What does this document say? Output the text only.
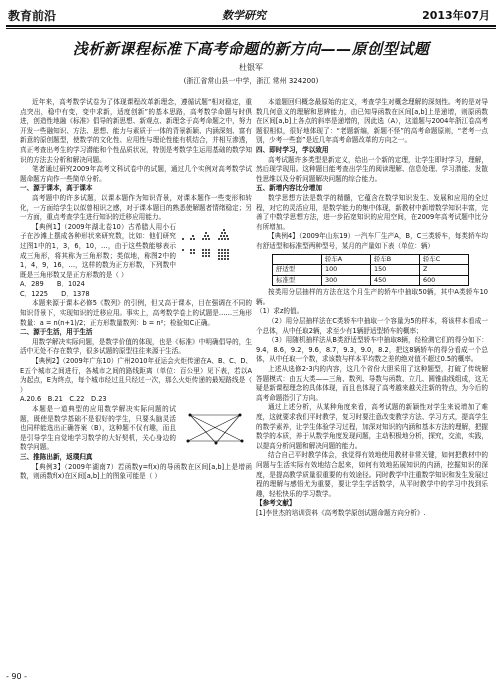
教育前沿	数学研究	2013年07月
浅析新课程标准下高考命题的新方向——原创型试题
杜银军
(浙江省常山县一中学，浙江 常州 324200)

近年来，高考数学试卷为了体现课程改革新理念，遵循试题“相对稳定，重点突出，稳中有变，变中求新，适度创新”的基本思路，高考数学命题与时俱进，创造性地融《标准》倡导的新思想、新观点、新理念于高考命题之中，努力开发一些融知识、方法、思想、能力与素质于一体的背景新颖、内涵深刻、富有新意的原创题型，使数学的文化性、应用性与理论性能有机结合，并相互渗透，真正考查出考生的学习潜能和个性品质状况，特别是考数学生运用基础的数学知识的方法去分析和解决问题。

笔者通过研究2009年高考文科试卷中的试题，通过几个实例对高考数学试题命题方向作一些简单分析。

一、源于课本，高于课本

高考题中的许多试题，以课本题作为知识背景，对课本题作一些变形和转化，一方面给学生以似曾相识之感，对于课本题目的熟悉使解题者情绪稳定；另一方面，重点考查学生进行知识的迁移应用能力。

【典例1】（2009年湖北卷10）古希腊人用小石子在沙滩上摆成各种形状来研究数，比如：他们研究过图1中的1，3，6，10，…，由于这些数能够表示成三角形，将其称为三角形数；类似地，称图2中的1，4，9，16，…，这样的数为正方形数，下列数中既是三角形数又是正方形数的是（ ）

A．289　　B．1024

C．1225　　D．1378

本题来源于课本必修5《数列》的引例，但又高于课本，目在强调在不同的知识背景下，实现知识的迁移应用。事实上，高考数学卷上的试题是……三角形数量：a = n(n+1)/2；正方形数量数列：b = n²；检验知C正确。

二、源于生活，用于生活

用数学解决实际问题，是数学价值的体现，也是《标准》中明确倡导的，生活中无处不存在数学，很多试题的原型往往来源于生活。

【典例2】（2009年广东10）广州2010年亚运会火炬传递在A、B、C、D、E五个城市之间进行，各城市之间的路线距离（单位：百公里）见下表，若以A为起点，E为终点，每个城市经过且只经过一次，那么火炬传递的最短路线是（ ）

A.20.6　B.21　C.22　D.23

本题是一道典型的应用数学解决实际问题的试题，既使是数学基础不是很好的学生，只要头脑灵活也同样能选出正确答案（B），这种题不仅有趣，而且是引导学生自觉地学习数学的大好契机，关心身边的数学问题。

三、推陈出新，返璞归真

【典例3】（2009年湖南7）若函数y=f(x)的导函数在区间[a,b]上是增函数，则函数f(x)在区间[a,b]上的图象可能是（ ）

本道题回归概念最原始的定义，考查学生对概念理解的深刻性。考的是对导数几何意义的理解和思辨能力，由已知导函数在区间[a,b]上是递增，则原函数在区间[a,b]上各点的斜率是递增的，因此选（A），这道题与2004年浙江卷高考题很相似，很好地体现了：“老题新编，新题不怪”的高考命题原则，“老考一点别，少考一些套”是近几年高考命题改革的方向之一。

四、即时学习，学以致用

高考试题许多类型是新定义，给出一个新的定理，让学生即时学习，理解，然后现学现用。这种题目能考查出学生的阅读理解、信息处理、学习潜能、发散性思维以及分析问题解决问题的综合能力。

五、新增内容比分增加

数学思想方法是数学的精髓，它蕴含在数学知识发生、发展和应用的全过程，对它的灵活应用，是数学能力的集中体现，新教材中新增数学知识丰富，完善了中数学思想方法，进一步拓宽知识的应用空间，在2009年高考试题中比分有所增加。

【典例4】（2009年山东19）一汽车厂生产A，B，C三类轿车，每类轿车均有舒适型和标准型两种型号，某月的产量如下表（单位：辆）

	轿车A	轿车B	轿车C
舒适型	100	150	Z
标准型	300	450	600

按类用分层抽样的方法在这个月生产的轿车中抽取50辆，其中A类轿车10辆。

（1）求z的值。

（2）用分层抽样法在C类轿车中抽取一个容量为5的样本，将该样本看成一个总体，从中任取2辆，求至少有1辆舒适型轿车的概率；

（3）用随机抽样法从B类舒适型轿车中抽取8辆，经检测它们的得分如下：9.4，8.6，9.2，9.6，8.7，9.3，9.0，8.2，把这8辆轿车的得分看成一个总体，从中任取一个数，求该数与样本平均数之差的绝对值不超过0.5的概率。

上述从选修2-3内的内容，这几个省份大胆采用了这种题型，打破了传统解答题模式：由五大类——三角、数列、导数与函数、立几、圆锥曲线组成，这无疑是新课程理念的具体体现，而且也体现了高考越来越关注新的特点，为今后的高考命题指引了方向。

通过上述分析，从某种角度来看，高考试题的新颖性对学生来说增加了难度，这就要求我们平时教学，复习时要注意改变教学方法、学习方式，提高学生的数学素养，让学生体验学习过程，加深对知识的内涵和基本方法的理解，把握数学的本质，养于从数学角度发现问题，主动积极地分析，探究，交流，实践，以提高分析问题和解决问题的能力。

结合自己平时教学体会，我觉得有效地使用教材非常关键，如何把教材中的问题与生活实际有效地结合起来，如何有效地拓展知识的内涵，挖掘知识的深度，是提高教学质量很重要的有效途径。同时教学中注重数学知识和发生发展过程的理解与感悟尤为重要，要让学生学活数学，从平时教学中的学习中找到乐趣，轻松快乐的学习数学。

【参考文献】

[1]李世杰的培训资料《高考数学原创试题命题方向分析》.

- 90 -
